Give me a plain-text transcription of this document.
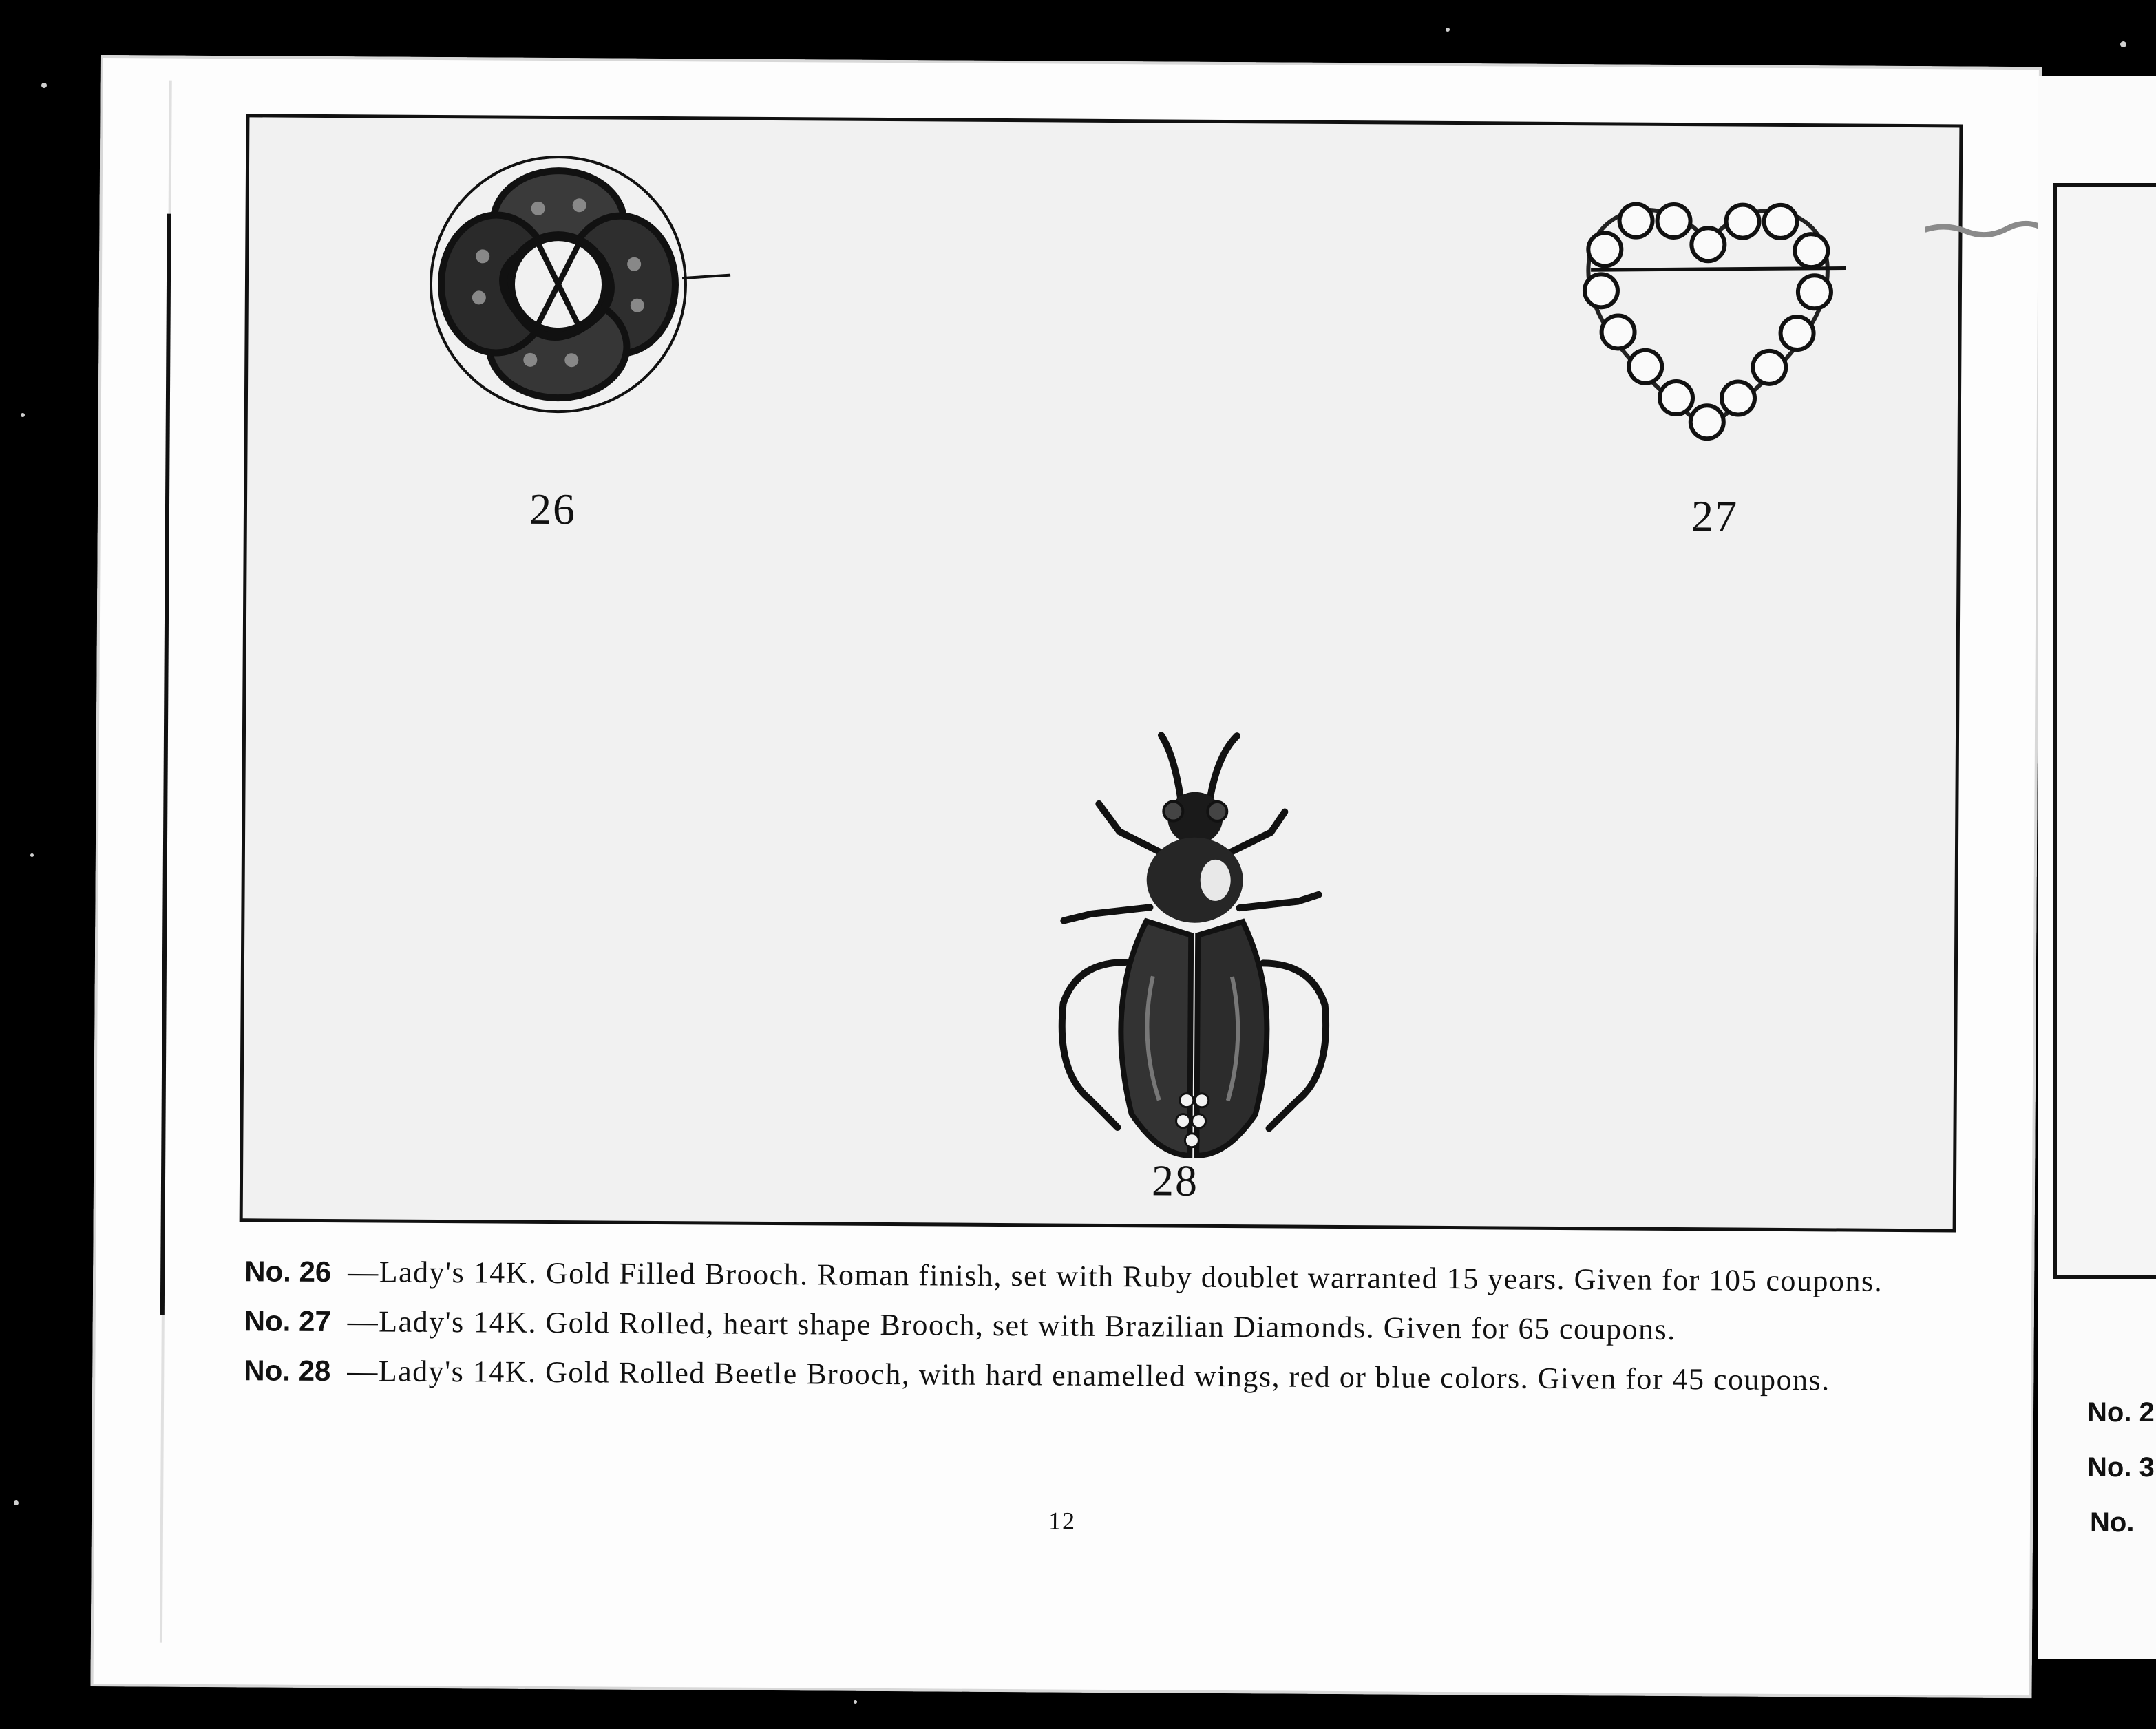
26	27
28
No. 26 —Lady's 14K. Gold Filled Brooch. Roman finish, set with Ruby doublet warranted 15 years. Given for 105 coupons.
No. 27 —Lady's 14K. Gold Rolled, heart shape Brooch, set with Brazilian Diamonds. Given for 65 coupons.
No. 28 —Lady's 14K. Gold Rolled Beetle Brooch, with hard enamelled wings, red or blue colors. Given for 45 coupons.
12
No. 2
No. 3
No.
